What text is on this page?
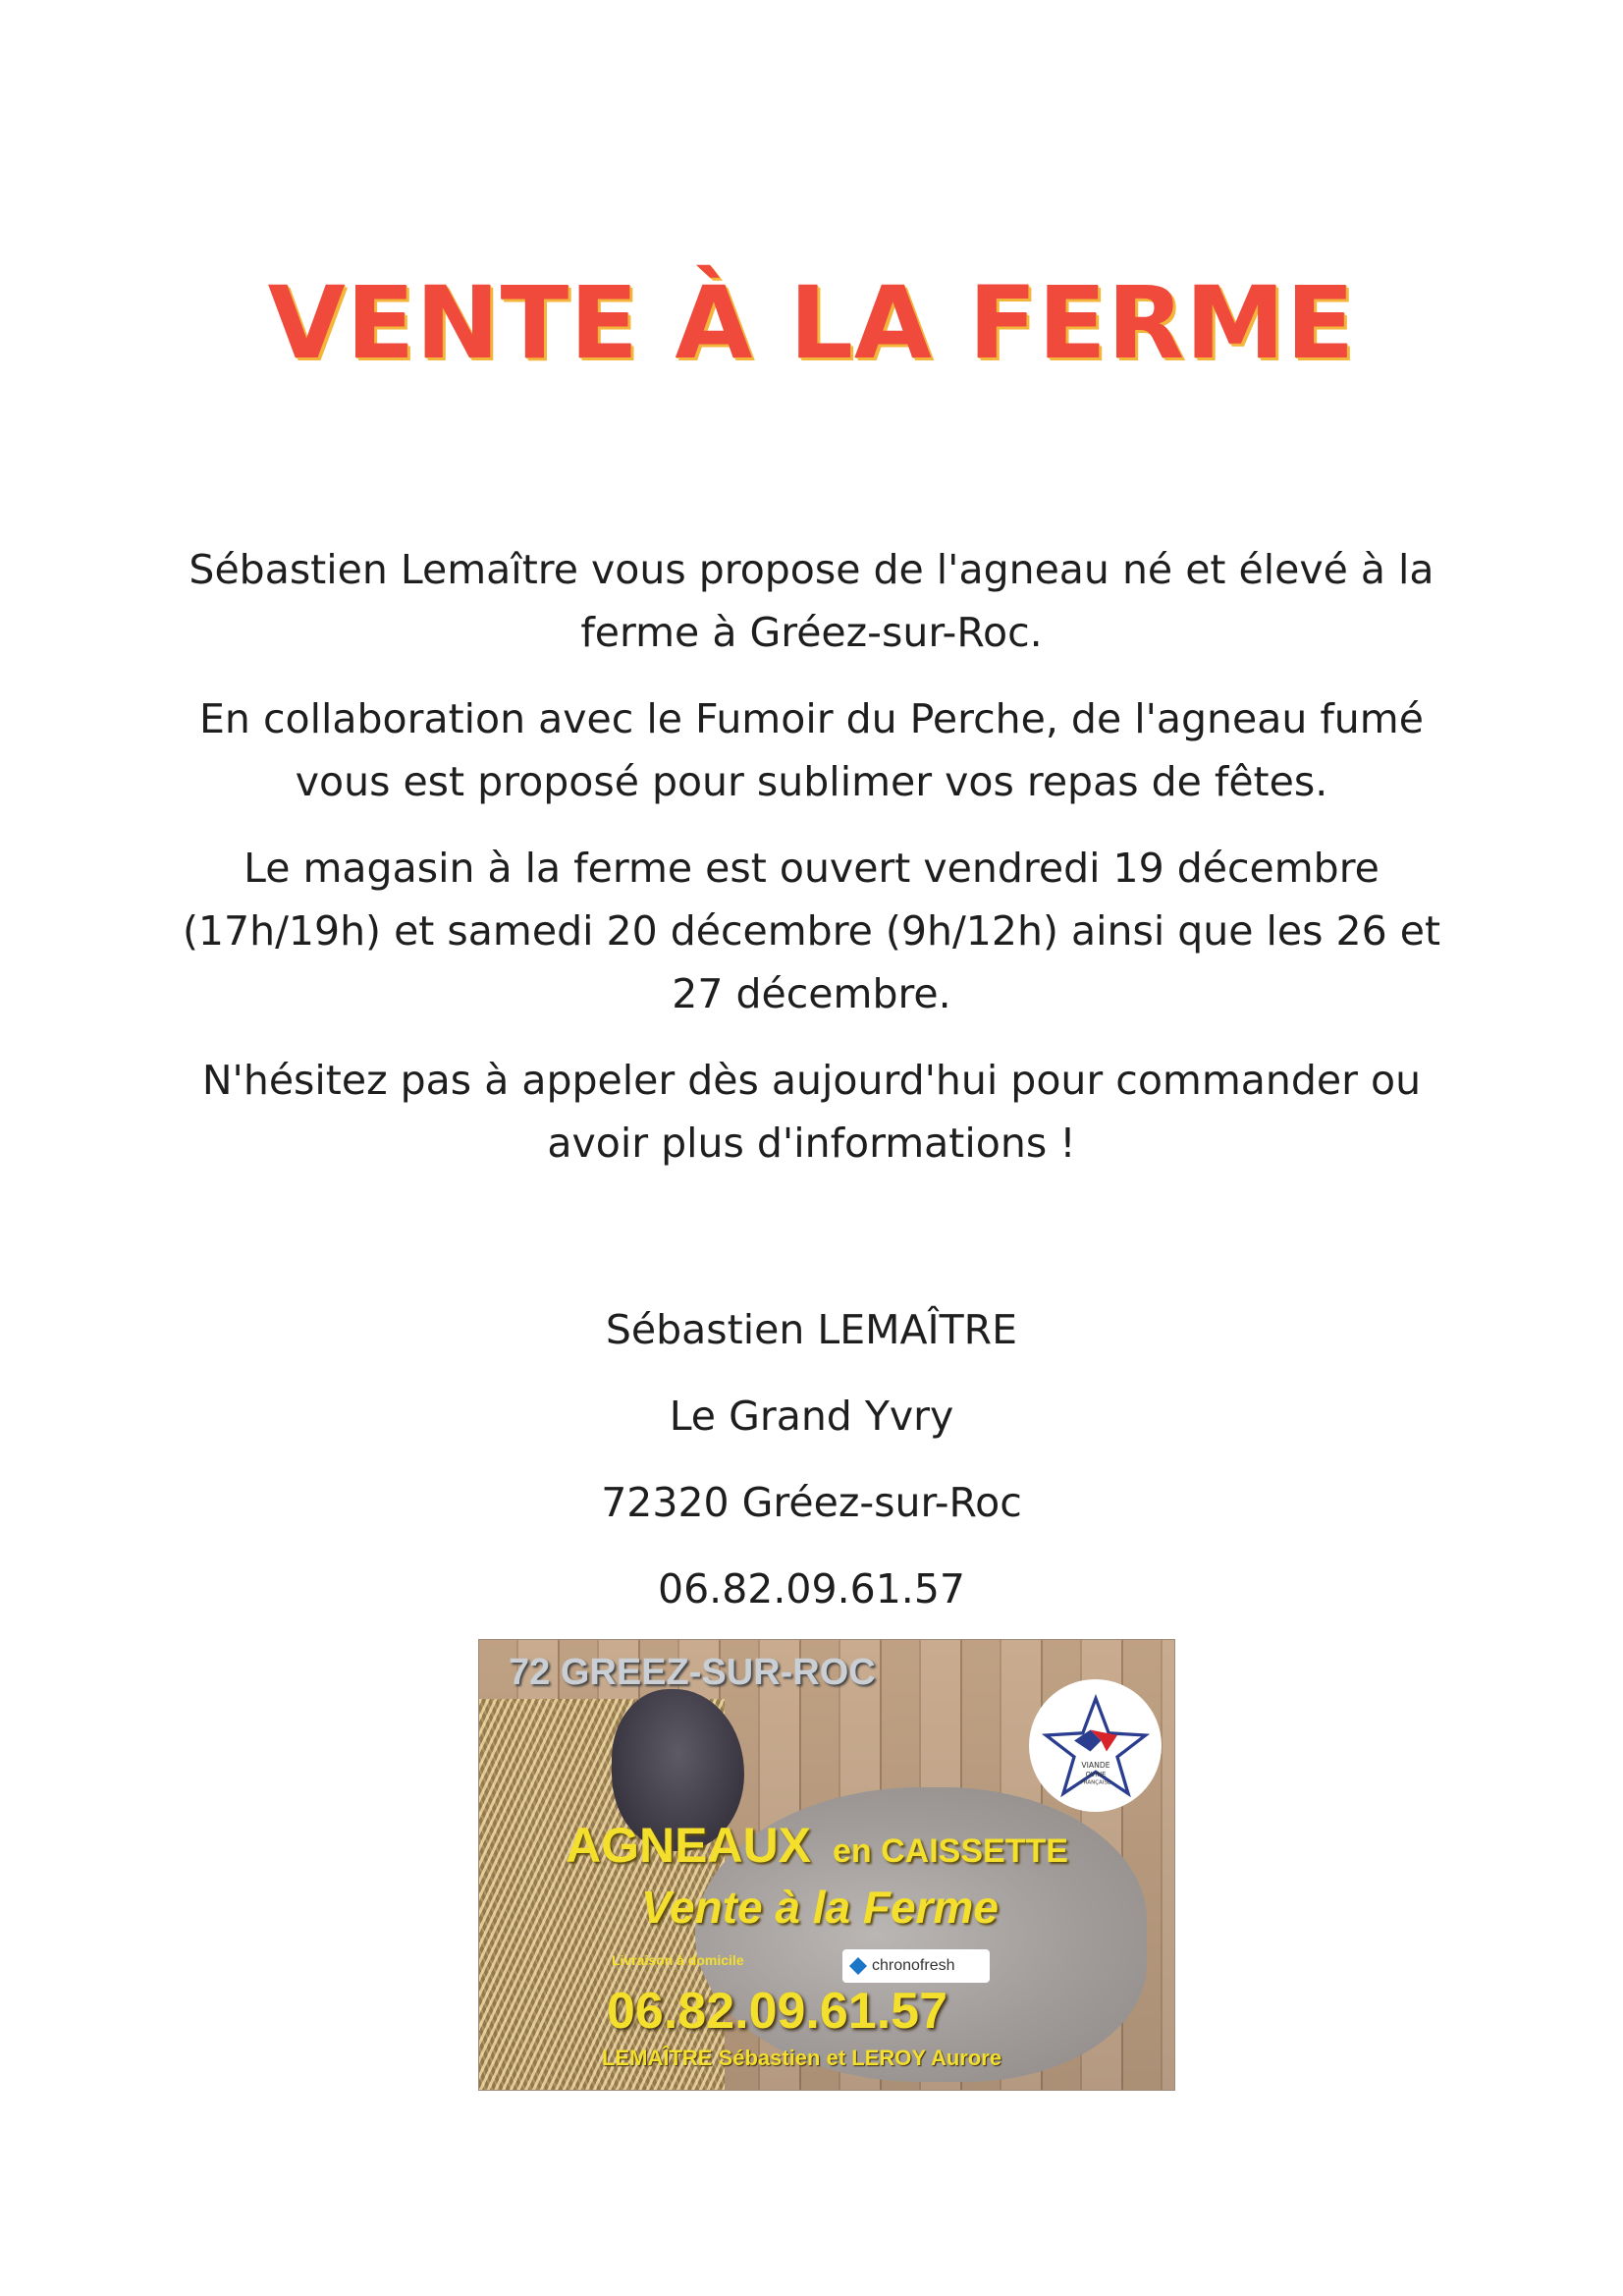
VENTE À LA FERME

Sébastien Lemaître vous propose de l'agneau né et élevé à la ferme à Gréez-sur-Roc.

En collaboration avec le Fumoir du Perche, de l'agneau fumé vous est proposé pour sublimer vos repas de fêtes.

Le magasin à la ferme est ouvert vendredi 19 décembre (17h/19h) et samedi 20 décembre (9h/12h) ainsi que les 26 et 27 décembre.

N'hésitez pas à appeler dès aujourd'hui pour commander ou avoir plus d'informations !

Sébastien LEMAÎTRE
Le Grand Yvry
72320 Gréez-sur-Roc
06.82.09.61.57
VIANDE
OVINE
FRANÇAISE
72 GREEZ-SUR-ROC
AGNEAUX en CAISSETTE
Vente à la Ferme
Livraison à domicile	chronofresh
06.82.09.61.57
LEMAÎTRE Sébastien et LEROY Aurore
